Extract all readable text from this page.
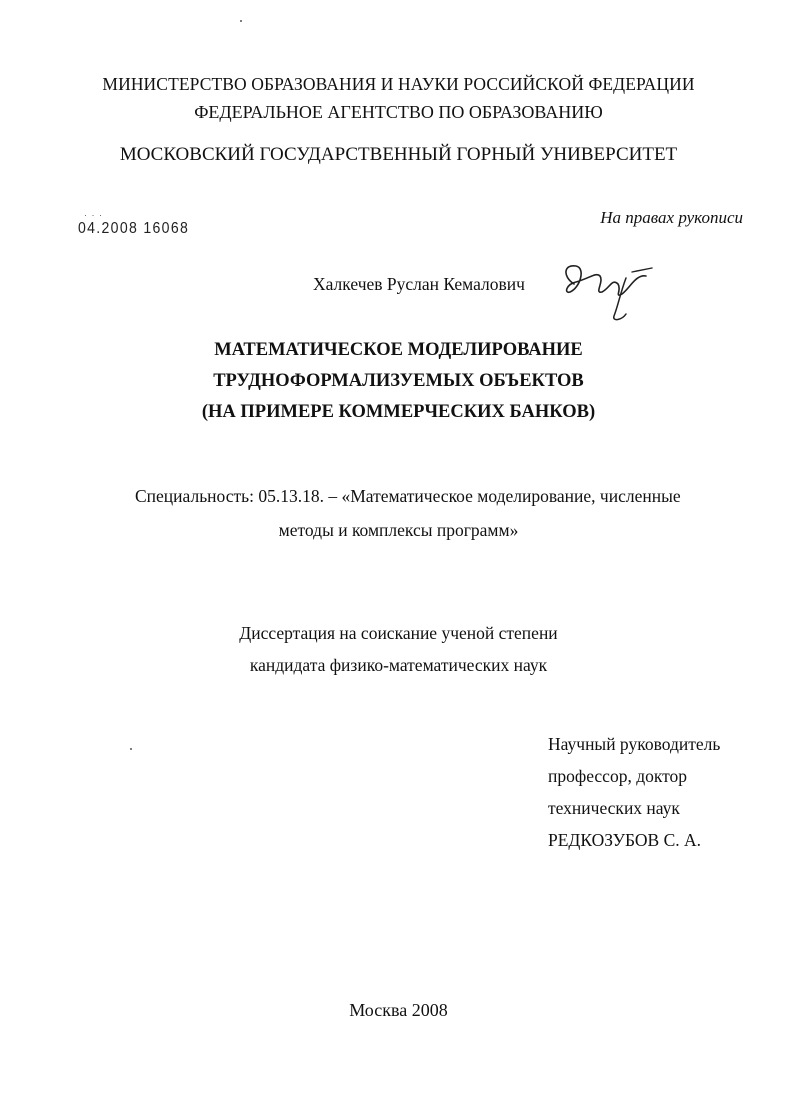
МИНИСТЕРСТВО ОБРАЗОВАНИЯ И НАУКИ РОССИЙСКОЙ ФЕДЕРАЦИИ
ФЕДЕРАЛЬНОЕ АГЕНТСТВО ПО ОБРАЗОВАНИЮ
МОСКОВСКИЙ ГОСУДАРСТВЕННЫЙ ГОРНЫЙ УНИВЕРСИТЕТ
· · ·
04.2008 16068
На правах рукописи
Халкечев Руслан Кемалович
МАТЕМАТИЧЕСКОЕ МОДЕЛИРОВАНИЕ
ТРУДНОФОРМАЛИЗУЕМЫХ ОБЪЕКТОВ
(НА ПРИМЕРЕ КОММЕРЧЕСКИХ БАНКОВ)
Специальность: 05.13.18. – «Математическое моделирование, численные
методы и комплексы программ»
Диссертация на соискание ученой степени
кандидата физико-математических наук
Научный руководитель
профессор, доктор
технических наук
РЕДКОЗУБОВ С. А.
Москва 2008
